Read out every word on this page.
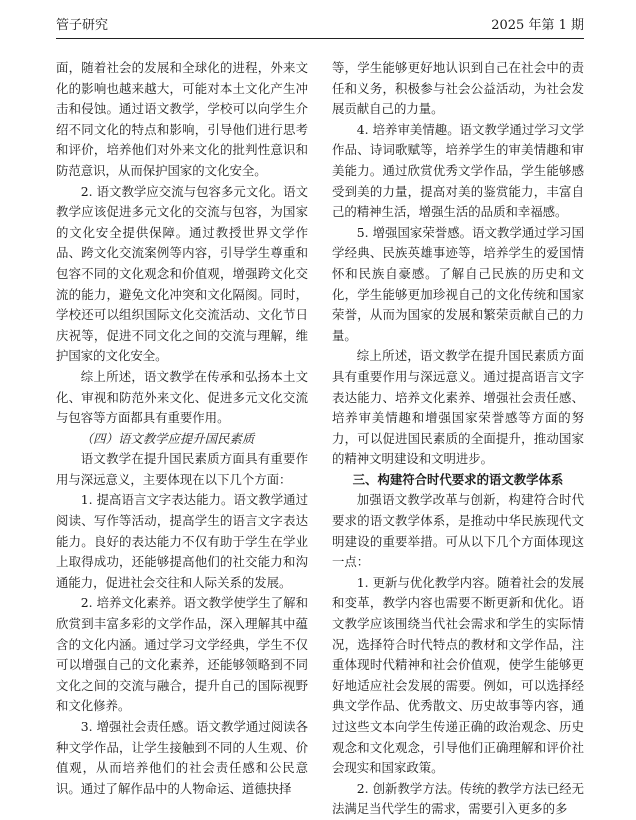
管子研究	2025 年第 1 期

面，随着社会的发展和全球化的进程，外来文化的影响也越来越大，可能对本土文化产生冲击和侵蚀。通过语文教学，学校可以向学生介绍不同文化的特点和影响，引导他们进行思考和评价，培养他们对外来文化的批判性意识和防范意识，从而保护国家的文化安全。

2. 语文教学应交流与包容多元文化。语文教学应该促进多元文化的交流与包容，为国家的文化安全提供保障。通过教授世界文学作品、跨文化交流案例等内容，引导学生尊重和包容不同的文化观念和价值观，增强跨文化交流的能力，避免文化冲突和文化隔阂。同时，学校还可以组织国际文化交流活动、文化节日庆祝等，促进不同文化之间的交流与理解，维护国家的文化安全。

综上所述，语文教学在传承和弘扬本土文化、审视和防范外来文化、促进多元文化交流与包容等方面都具有重要作用。

（四）语文教学应提升国民素质

语文教学在提升国民素质方面具有重要作用与深远意义，主要体现在以下几个方面：

1. 提高语言文字表达能力。语文教学通过阅读、写作等活动，提高学生的语言文字表达能力。良好的表达能力不仅有助于学生在学业上取得成功，还能够提高他们的社交能力和沟通能力，促进社会交往和人际关系的发展。

2. 培养文化素养。语文教学使学生了解和欣赏到丰富多彩的文学作品，深入理解其中蕴含的文化内涵。通过学习文学经典，学生不仅可以增强自己的文化素养，还能够领略到不同文化之间的交流与融合，提升自己的国际视野和文化修养。

3. 增强社会责任感。语文教学通过阅读各种文学作品，让学生接触到不同的人生观、价值观，从而培养他们的社会责任感和公民意识。通过了解作品中的人物命运、道德抉择

等，学生能够更好地认识到自己在社会中的责任和义务，积极参与社会公益活动，为社会发展贡献自己的力量。

4. 培养审美情趣。语文教学通过学习文学作品、诗词歌赋等，培养学生的审美情趣和审美能力。通过欣赏优秀文学作品，学生能够感受到美的力量，提高对美的鉴赏能力，丰富自己的精神生活，增强生活的品质和幸福感。

5. 增强国家荣誉感。语文教学通过学习国学经典、民族英雄事迹等，培养学生的爱国情怀和民族自豪感。了解自己民族的历史和文化，学生能够更加珍视自己的文化传统和国家荣誉，从而为国家的发展和繁荣贡献自己的力量。

综上所述，语文教学在提升国民素质方面具有重要作用与深远意义。通过提高语言文字表达能力、培养文化素养、增强社会责任感、培养审美情趣和增强国家荣誉感等方面的努力，可以促进国民素质的全面提升，推动国家的精神文明建设和文明进步。

三、构建符合时代要求的语文教学体系

加强语文教学改革与创新，构建符合时代要求的语文教学体系，是推动中华民族现代文明建设的重要举措。可从以下几个方面体现这一点：

1. 更新与优化教学内容。随着社会的发展和变革，教学内容也需要不断更新和优化。语文教学应该围绕当代社会需求和学生的实际情况，选择符合时代特点的教材和文学作品，注重体现时代精神和社会价值观，使学生能够更好地适应社会发展的需要。例如，可以选择经典文学作品、优秀散文、历史故事等内容，通过这些文本向学生传递正确的政治观念、历史观念和文化观念，引导他们正确理解和评价社会现实和国家政策。

2. 创新教学方法。传统的教学方法已经无法满足当代学生的需求，需要引入更多的多
